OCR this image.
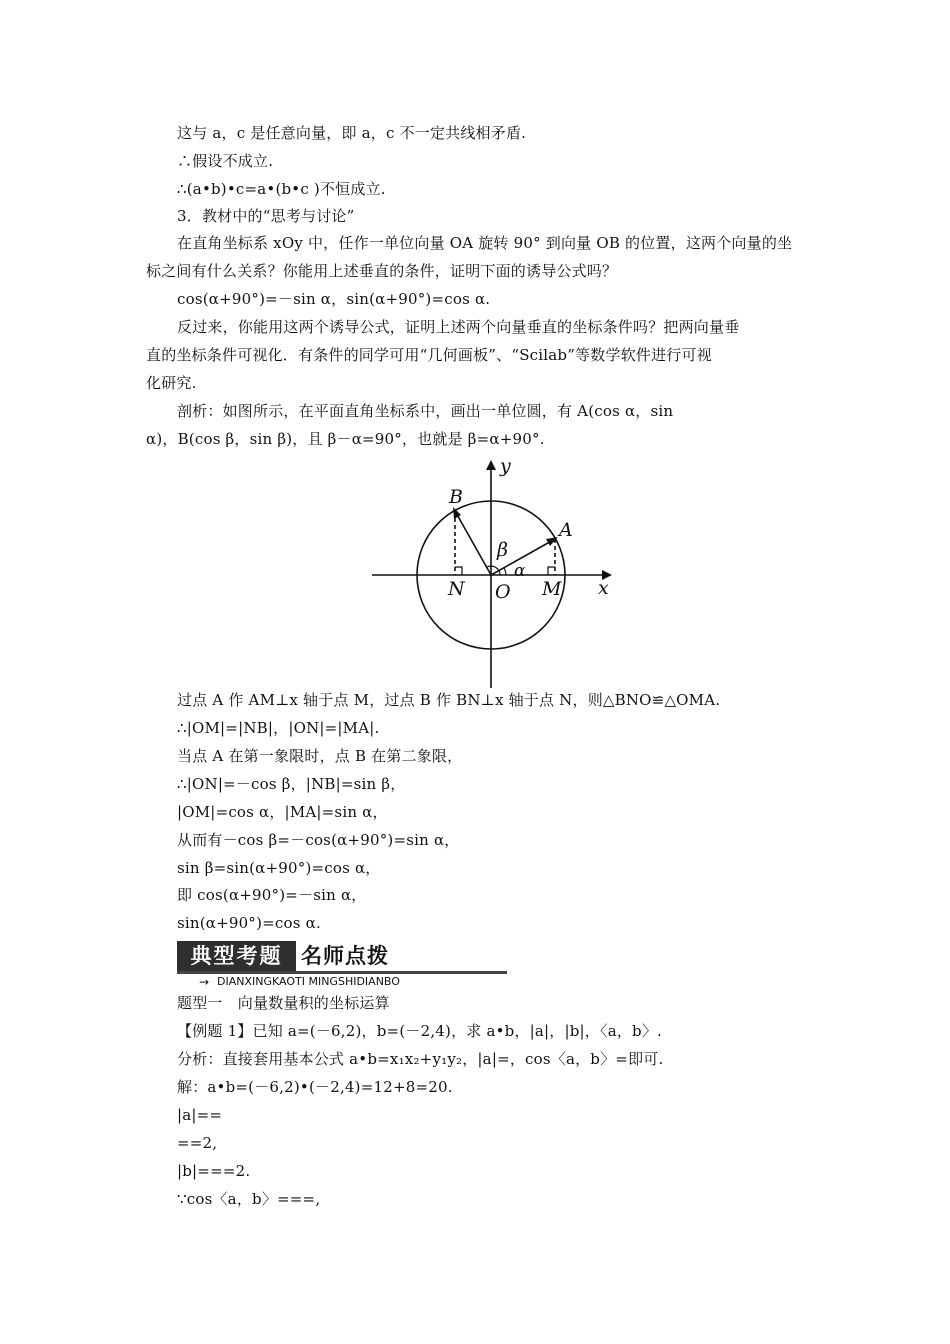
这与 a，c 是任意向量，即 a，c 不一定共线相矛盾.
∴假设不成立.
∴(a•b)•c=a•(b•c )不恒成立.
3．教材中的“思考与讨论”
在直角坐标系 xOy 中，任作一单位向量 OA 旋转 90° 到向量 OB 的位置，这两个向量的坐
标之间有什么关系？你能用上述垂直的条件，证明下面的诱导公式吗？
cos(α+90°)=－sin α，sin(α+90°)=cos α.
反过来，你能用这两个诱导公式，证明上述两个向量垂直的坐标条件吗？把两向量垂
直的坐标条件可视化．有条件的同学可用“几何画板”、“Scilab”等数学软件进行可视
化研究.
剖析：如图所示，在平面直角坐标系中，画出一单位圆，有 A(cos α，sin
α)，B(cos β，sin β)，且 β－α=90°，也就是 β=α+90°.
y
x
B
A
N O M
β
α
过点 A 作 AM⊥x 轴于点 M，过点 B 作 BN⊥x 轴于点 N，则△BNO≌△OMA.
∴|OM|=|NB|，|ON|=|MA|.
当点 A 在第一象限时，点 B 在第二象限，
∴|ON|=－cos β，|NB|=sin β，
|OM|=cos α，|MA|=sin α，
从而有－cos β=－cos(α+90°)=sin α，
sin β=sin(α+90°)=cos α，
即 cos(α+90°)=－sin α，
sin(α+90°)=cos α.
典型考题 名师点拨
→ DIANXINGKAOTI MINGSHIDIANBO
题型一　向量数量积的坐标运算
【例题 1】已知 a=(－6,2)，b=(－2,4)，求 a•b，|a|，|b|，〈a，b〉.
分析：直接套用基本公式 a•b=x₁x₂+y₁y₂，|a|=，cos〈a，b〉=即可.
解：a•b=(－6,2)•(－2,4)=12+8=20.
|a|==
==2,
|b|===2.
∵cos〈a，b〉===,
